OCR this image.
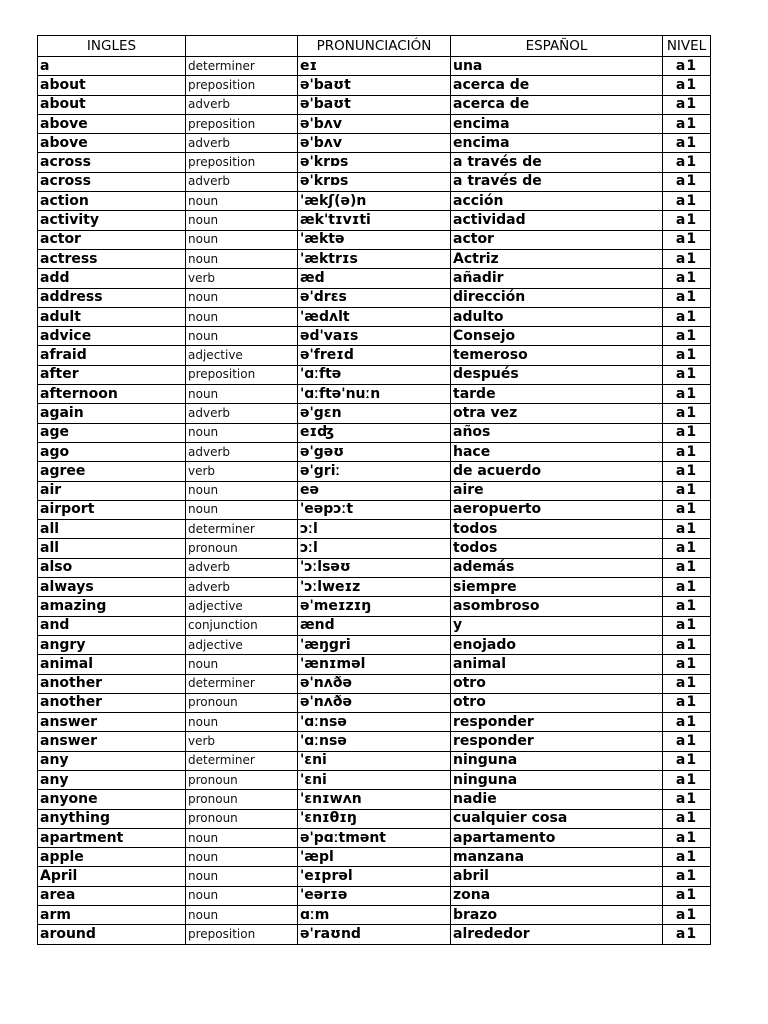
INGLES		PRONUNCIACIÓN	ESPAÑOL	NIVEL
a	determiner	eɪ	una	a1
about	preposition	ə'baʊt	acerca de	a1
about	adverb	ə'baʊt	acerca de	a1
above	preposition	ə'bʌv	encima	a1
above	adverb	ə'bʌv	encima	a1
across	preposition	ə'krɒs	a través de	a1
across	adverb	ə'krɒs	a través de	a1
action	noun	'ækʃ(ə)n	acción	a1
activity	noun	æk'tɪvɪti	actividad	a1
actor	noun	'æktə	actor	a1
actress	noun	'æktrɪs	Actriz	a1
add	verb	æd	añadir	a1
address	noun	ə'drɛs	dirección	a1
adult	noun	'ædʌlt	adulto	a1
advice	noun	əd'vaɪs	Consejo	a1
afraid	adjective	ə'freɪd	temeroso	a1
after	preposition	'ɑːftə	después	a1
afternoon	noun	'ɑːftə'nuːn	tarde	a1
again	adverb	ə'gɛn	otra vez	a1
age	noun	eɪʤ	años	a1
ago	adverb	ə'gəʊ	hace	a1
agree	verb	ə'griː	de acuerdo	a1
air	noun	eə	aire	a1
airport	noun	'eəpɔːt	aeropuerto	a1
all	determiner	ɔːl	todos	a1
all	pronoun	ɔːl	todos	a1
also	adverb	'ɔːlsəʊ	además	a1
always	adverb	'ɔːlweɪz	siempre	a1
amazing	adjective	ə'meɪzɪŋ	asombroso	a1
and	conjunction	ænd	y	a1
angry	adjective	'æŋgri	enojado	a1
animal	noun	'ænɪməl	animal	a1
another	determiner	ə'nʌðə	otro	a1
another	pronoun	ə'nʌðə	otro	a1
answer	noun	'ɑːnsə	responder	a1
answer	verb	'ɑːnsə	responder	a1
any	determiner	'ɛni	ninguna	a1
any	pronoun	'ɛni	ninguna	a1
anyone	pronoun	'ɛnɪwʌn	nadie	a1
anything	pronoun	'ɛnɪθɪŋ	cualquier cosa	a1
apartment	noun	ə'pɑːtmənt	apartamento	a1
apple	noun	'æpl	manzana	a1
April	noun	'eɪprəl	abril	a1
area	noun	'eərɪə	zona	a1
arm	noun	ɑːm	brazo	a1
around	preposition	ə'raʊnd	alrededor	a1
